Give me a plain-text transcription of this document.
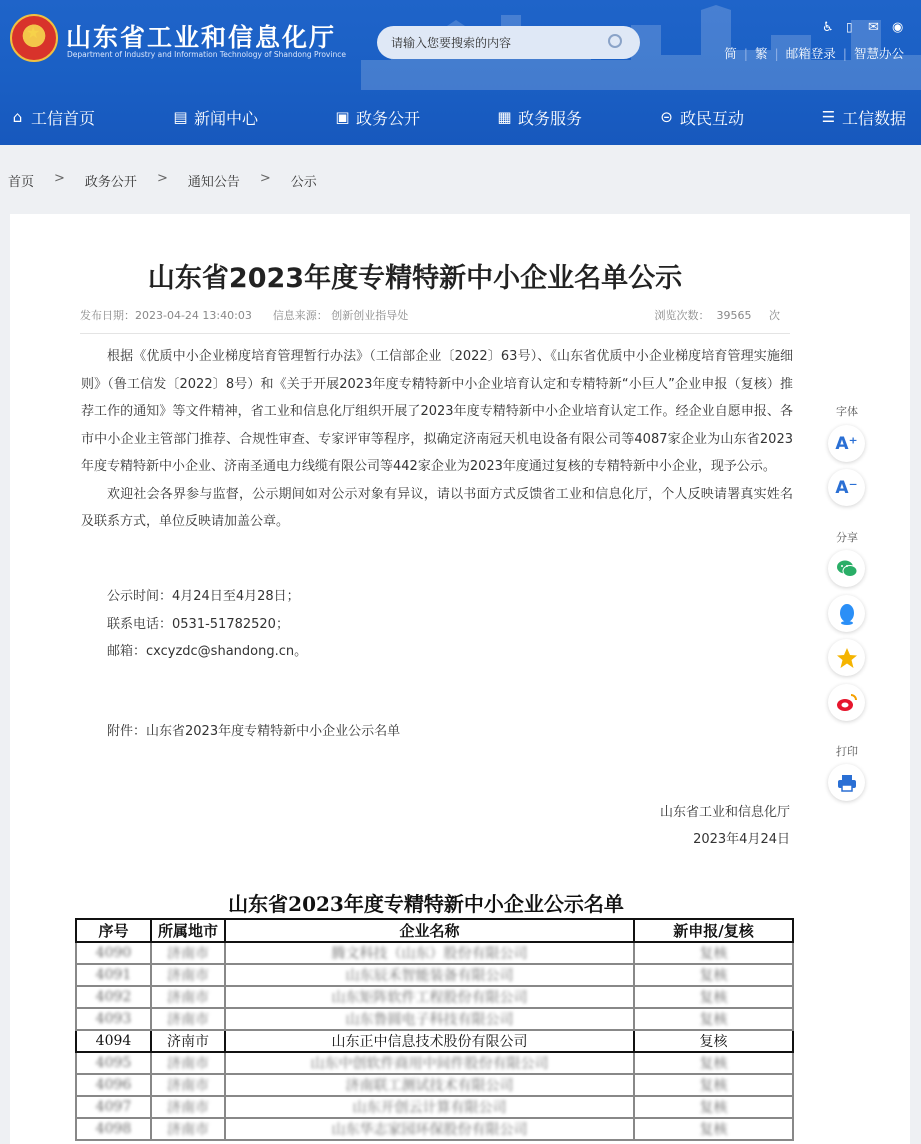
★
山东省工业和信息化厅
Department of Industry and Information Technology of Shandong Province
请输入您要搜索的内容
♿ ▯ ✉ ◉
简 | 繁 | 邮箱登录 | 智慧办公
⌂ 工信首页	▤ 新闻中心	▣ 政务公开	▦ 政务服务	⊝ 政民互动	☰ 工信数据
首页	>	政务公开	>	通知公告	>	公示
山东省2023年度专精特新中小企业名单公示
发布日期：2023-04-24 13:40:03 信息来源： 创新创业指导处	浏览次数： 39565 次

根据《优质中小企业梯度培育管理暂行办法》（工信部企业〔2022〕63号）、《山东省优质中小企业梯度培育管理实施细则》（鲁工信发〔2022〕8号）和《关于开展2023年度专精特新中小企业培育认定和专精特新“小巨人”企业申报（复核）推荐工作的通知》等文件精神，省工业和信息化厅组织开展了2023年度专精特新中小企业培育认定工作。经企业自愿申报、各市中小企业主管部门推荐、合规性审查、专家评审等程序，拟确定济南冠天机电设备有限公司等4087家企业为山东省2023年度专精特新中小企业、济南圣通电力线缆有限公司等442家企业为2023年度通过复核的专精特新中小企业，现予公示。

欢迎社会各界参与监督，公示期间如对公示对象有异议，请以书面方式反馈省工业和信息化厅，个人反映请署真实姓名及联系方式，单位反映请加盖公章。

公示时间：4月24日至4月28日；
联系电话：0531-51782520；
邮箱：cxcyzdc@shandong.cn。
附件：山东省2023年度专精特新中小企业公示名单
山东省工业和信息化厅
2023年4月24日
山东省2023年度专精特新中小企业公示名单
序号	所属地市	企业名称	新申报/复核
4090	济南市	腾文科技（山东）股份有限公司	复核
4091	济南市	山东辰禾智能装备有限公司	复核
4092	济南市	山东矩阵软件工程股份有限公司	复核
4093	济南市	山东鲁圆电子科技有限公司	复核
4094	济南市	山东正中信息技术股份有限公司	复核
4095	济南市	山东中创软件商用中间件股份有限公司	复核
4096	济南市	济南联工测试技术有限公司	复核
4097	济南市	山东开创云计算有限公司	复核
4098	济南市	山东华志家园环保股份有限公司	复核
字体
A⁺
A⁻
分享
打印
